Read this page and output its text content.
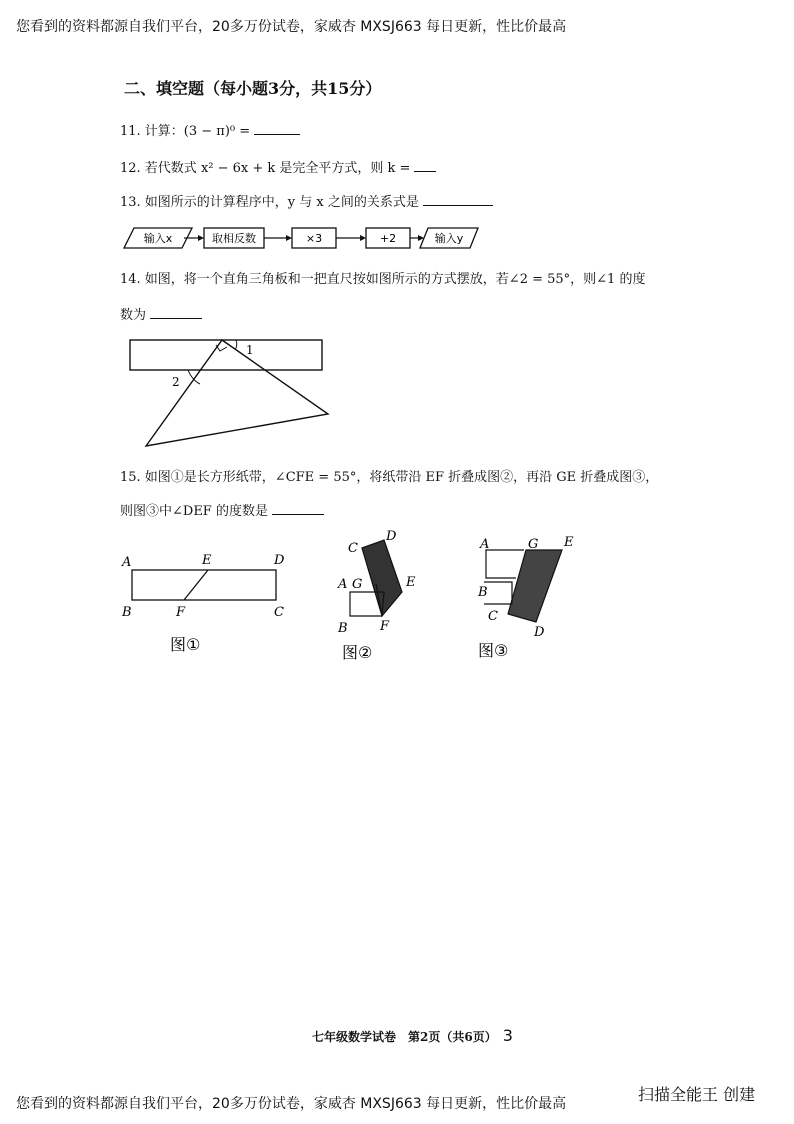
您看到的资料都源自我们平台，20多万份试卷，家威杏 MXSJ663 每日更新，性比价最高
二、填空题（每小题3分，共15分）
11. 计算：(3 − π)⁰ =
12. 若代数式 x² − 6x + k 是完全平方式，则 k =
13. 如图所示的计算程序中，y 与 x 之间的关系式是
输入x	取相反数	×3	+2	输入y
14. 如图，将一个直角三角板和一把直尺按如图所示的方式摆放，若∠2 = 55°，则∠1 的度
数为
1
2
15. 如图①是长方形纸带，∠CFE = 55°，将纸带沿 EF 折叠成图②，再沿 GE 折叠成图③，
则图③中∠DEF 的度数是
A	E	D
B	F	C
C
D
A G	E
B F
图②
A	G E
B
C
D
图③
图①
七年级数学试卷　第2页（共6页） 3
您看到的资料都源自我们平台，20多万份试卷，家威杏 MXSJ663 每日更新，性比价最高	扫描全能王 创建
